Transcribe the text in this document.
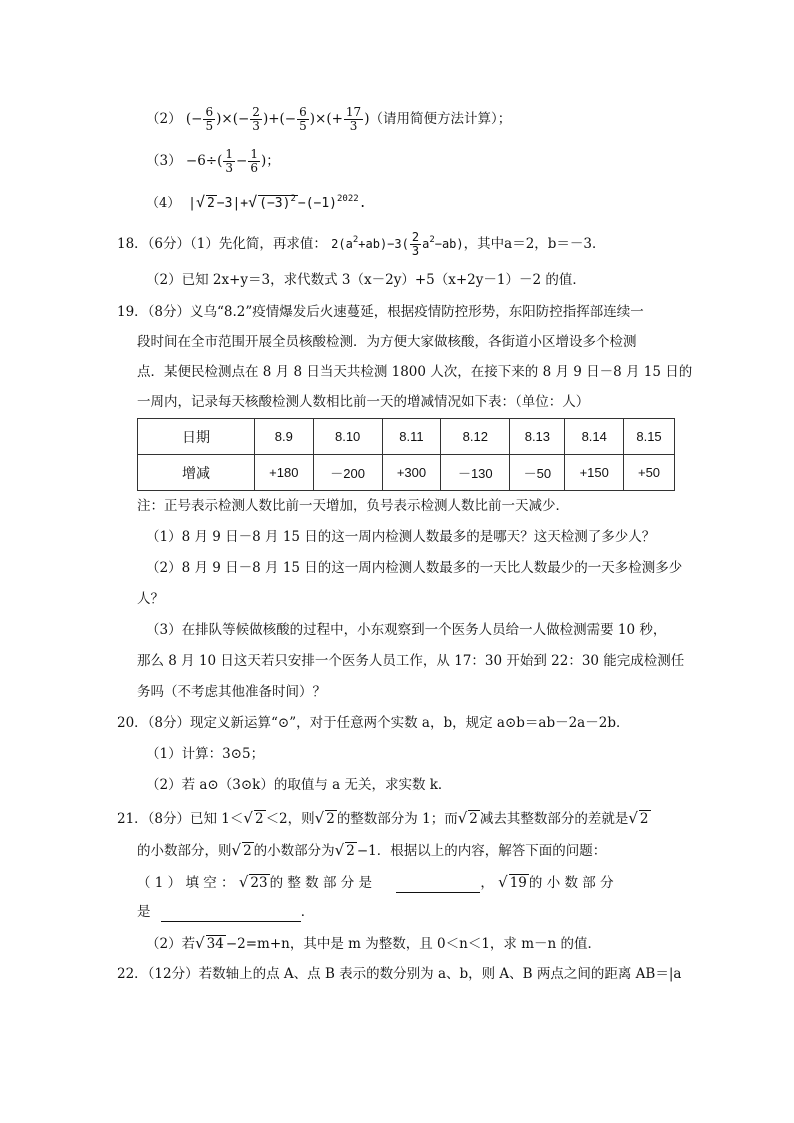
（2） (− $\frac{6}{5}$ )×(− $\frac{2}{3}$ )+(− $\frac{6}{5}$ )×(+ $\frac{17}{3}$ )（请用简便方法计算）；
$(3) -6\div( \frac{1}{3} - \frac{1}{6}$ )；
（4） |√ 2 −3|+√ $(-3)^2 -(-1)^{2022}$.
18．（6分）（1）先化简，再求值： $2(a^2+ab)-3( \frac{2}{3} a^2-ab)$，其中a＝2，b＝－3．
（2）已知 2x+y＝3，求代数式 3（x－2y）+5（x+2y－1）－2 的值．
19．（8分）义乌“8.2”疫情爆发后火速蔓延，根据疫情防控形势，东阳防控指挥部连续一
段时间在全市范围开展全员核酸检测．为方便大家做核酸，各街道小区增设多个检测
点．某便民检测点在 8 月 8 日当天共检测 1800 人次，在接下来的 8 月 9 日－8 月 15 日的
一周内，记录每天核酸检测人数相比前一天的增减情况如下表：（单位：人）
日期	8.9	8.10	8.11	8.12	8.13	8.14	8.15
增减	+180	－200	+300	－130	－50	+150	+50
注：正号表示检测人数比前一天增加，负号表示检测人数比前一天减少．
（1）8 月 9 日－8 月 15 日的这一周内检测人数最多的是哪天？这天检测了多少人？
（2）8 月 9 日－8 月 15 日的这一周内检测人数最多的一天比人数最少的一天多检测多少
人？
（3）在排队等候做核酸的过程中，小东观察到一个医务人员给一人做检测需要 10 秒，
那么 8 月 10 日这天若只安排一个医务人员工作，从 17：30 开始到 22：30 能完成检测任
务吗（不考虑其他准备时间）？
20．（8分）现定义新运算“⊙”，对于任意两个实数 a，b，规定 a⊙b＝ab－2a－2b．
（1）计算：3⊙5；
（2）若 a⊙（3⊙k）的取值与 a 无关，求实数 k．
21．（8分）已知 1＜√ 2 ＜2，则√ 2 的整数部分为 1；而√ 2 减去其整数部分的差就是√ 2
的小数部分，则√ 2 的小数部分为√ 2 −1．根据以上的内容，解答下面的问题：
（ 1 ） 填 空 ： √ 23 的 整 数 部 分 是	， √ 19 的 小 数 部 分
是	．
（2）若√ 34 −2=m+n，其中是 m 为整数，且 0＜n＜1，求 m－n 的值．
22．（12分）若数轴上的点 A、点 B 表示的数分别为 a、b，则 A、B 两点之间的距离 AB＝|a
